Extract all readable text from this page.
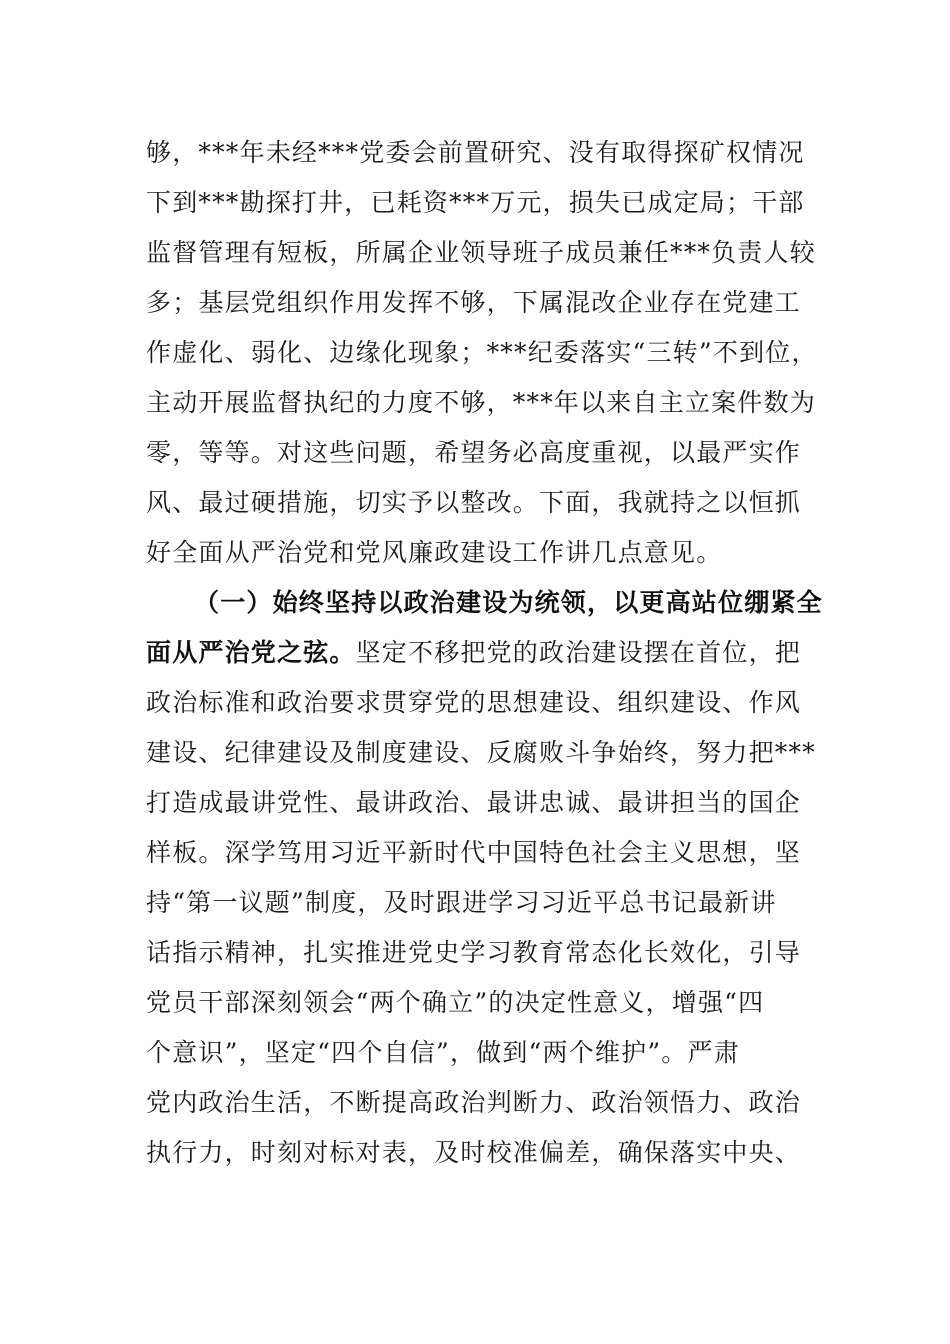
够，***年未经***党委会前置研究、没有取得探矿权情况
下到***勘探打井，已耗资***万元，损失已成定局；干部
监督管理有短板，所属企业领导班子成员兼任***负责人较
多；基层党组织作用发挥不够，下属混改企业存在党建工
作虚化、弱化、边缘化现象；***纪委落实“三转”不到位，
主动开展监督执纪的力度不够，***年以来自主立案件数为
零，等等。对这些问题，希望务必高度重视，以最严实作
风、最过硬措施，切实予以整改。下面，我就持之以恒抓
好全面从严治党和党风廉政建设工作讲几点意见。
（一）始终坚持以政治建设为统领，以更高站位绷紧全
面从严治党之弦。坚定不移把党的政治建设摆在首位，把
政治标准和政治要求贯穿党的思想建设、组织建设、作风
建设、纪律建设及制度建设、反腐败斗争始终，努力把***
打造成最讲党性、最讲政治、最讲忠诚、最讲担当的国企
样板。深学笃用习近平新时代中国特色社会主义思想，坚
持“第一议题”制度，及时跟进学习习近平总书记最新讲
话指示精神，扎实推进党史学习教育常态化长效化，引导
党员干部深刻领会“两个确立”的决定性意义，增强“四
个意识”，坚定“四个自信”，做到“两个维护”。严肃
党内政治生活，不断提高政治判断力、政治领悟力、政治
执行力，时刻对标对表，及时校准偏差，确保落实中央、
